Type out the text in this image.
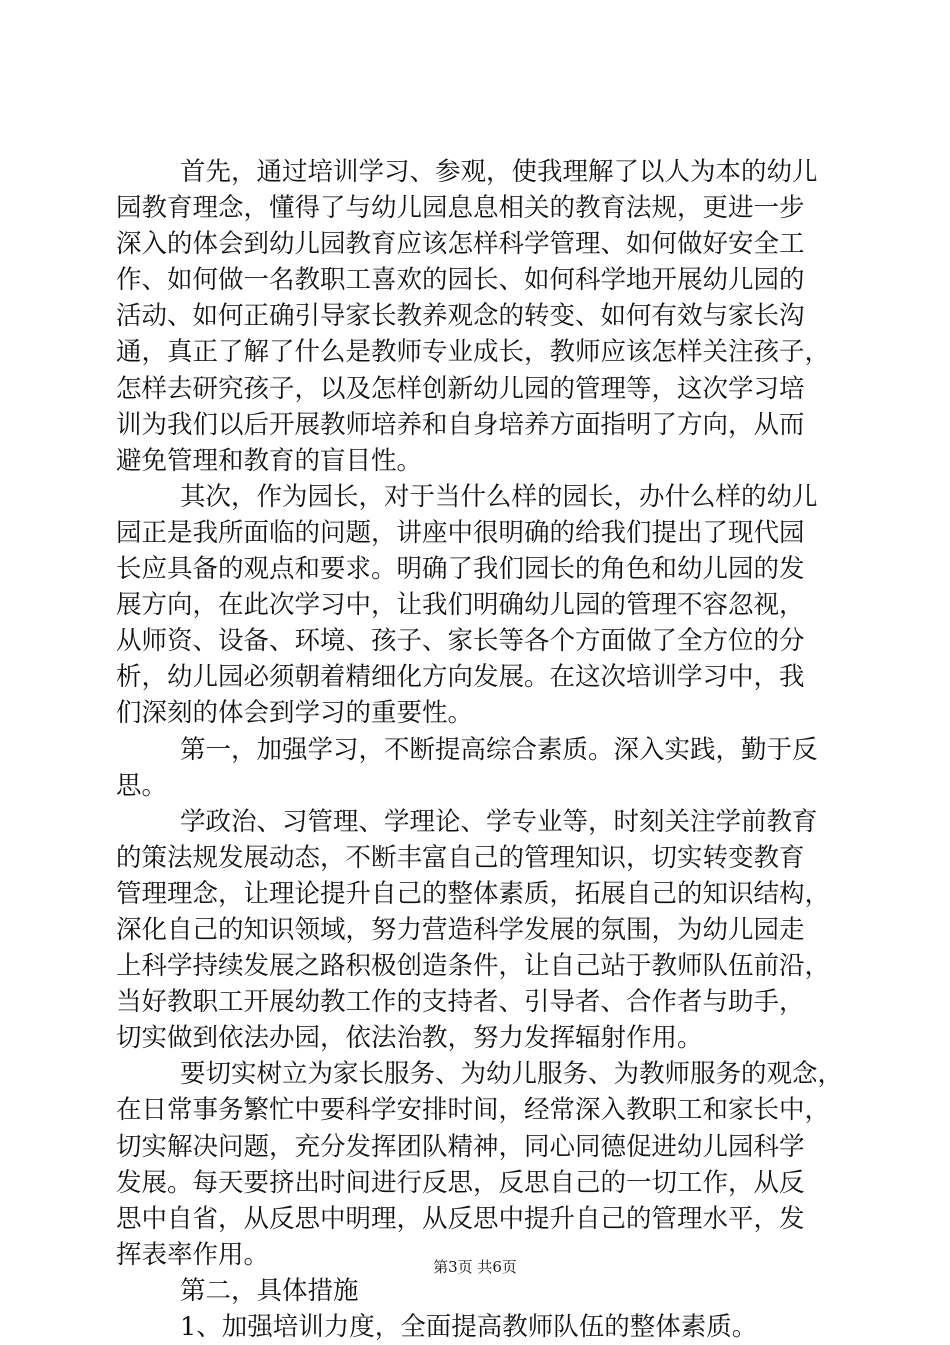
首先，通过培训学习、参观，使我理解了以人为本的幼儿
园教育理念，懂得了与幼儿园息息相关的教育法规，更进一步
深入的体会到幼儿园教育应该怎样科学管理、如何做好安全工
作、如何做一名教职工喜欢的园长、如何科学地开展幼儿园的
活动、如何正确引导家长教养观念的转变、如何有效与家长沟
通，真正了解了什么是教师专业成长，教师应该怎样关注孩子，
怎样去研究孩子，以及怎样创新幼儿园的管理等，这次学习培
训为我们以后开展教师培养和自身培养方面指明了方向，从而
避免管理和教育的盲目性。
其次，作为园长，对于当什么样的园长，办什么样的幼儿
园正是我所面临的问题，讲座中很明确的给我们提出了现代园
长应具备的观点和要求。明确了我们园长的角色和幼儿园的发
展方向，在此次学习中，让我们明确幼儿园的管理不容忽视，
从师资、设备、环境、孩子、家长等各个方面做了全方位的分
析，幼儿园必须朝着精细化方向发展。在这次培训学习中，我
们深刻的体会到学习的重要性。
第一，加强学习，不断提高综合素质。深入实践，勤于反
思。
学政治、习管理、学理论、学专业等，时刻关注学前教育
的策法规发展动态，不断丰富自己的管理知识，切实转变教育
管理理念，让理论提升自己的整体素质，拓展自己的知识结构，
深化自己的知识领域，努力营造科学发展的氛围，为幼儿园走
上科学持续发展之路积极创造条件，让自己站于教师队伍前沿，
当好教职工开展幼教工作的支持者、引导者、合作者与助手，
切实做到依法办园，依法治教，努力发挥辐射作用。
要切实树立为家长服务、为幼儿服务、为教师服务的观念，
在日常事务繁忙中要科学安排时间，经常深入教职工和家长中，
切实解决问题，充分发挥团队精神，同心同德促进幼儿园科学
发展。每天要挤出时间进行反思，反思自己的一切工作，从反
思中自省，从反思中明理，从反思中提升自己的管理水平，发
挥表率作用。
第二，具体措施
1、加强培训力度，全面提高教师队伍的整体素质。
第3页 共6页
